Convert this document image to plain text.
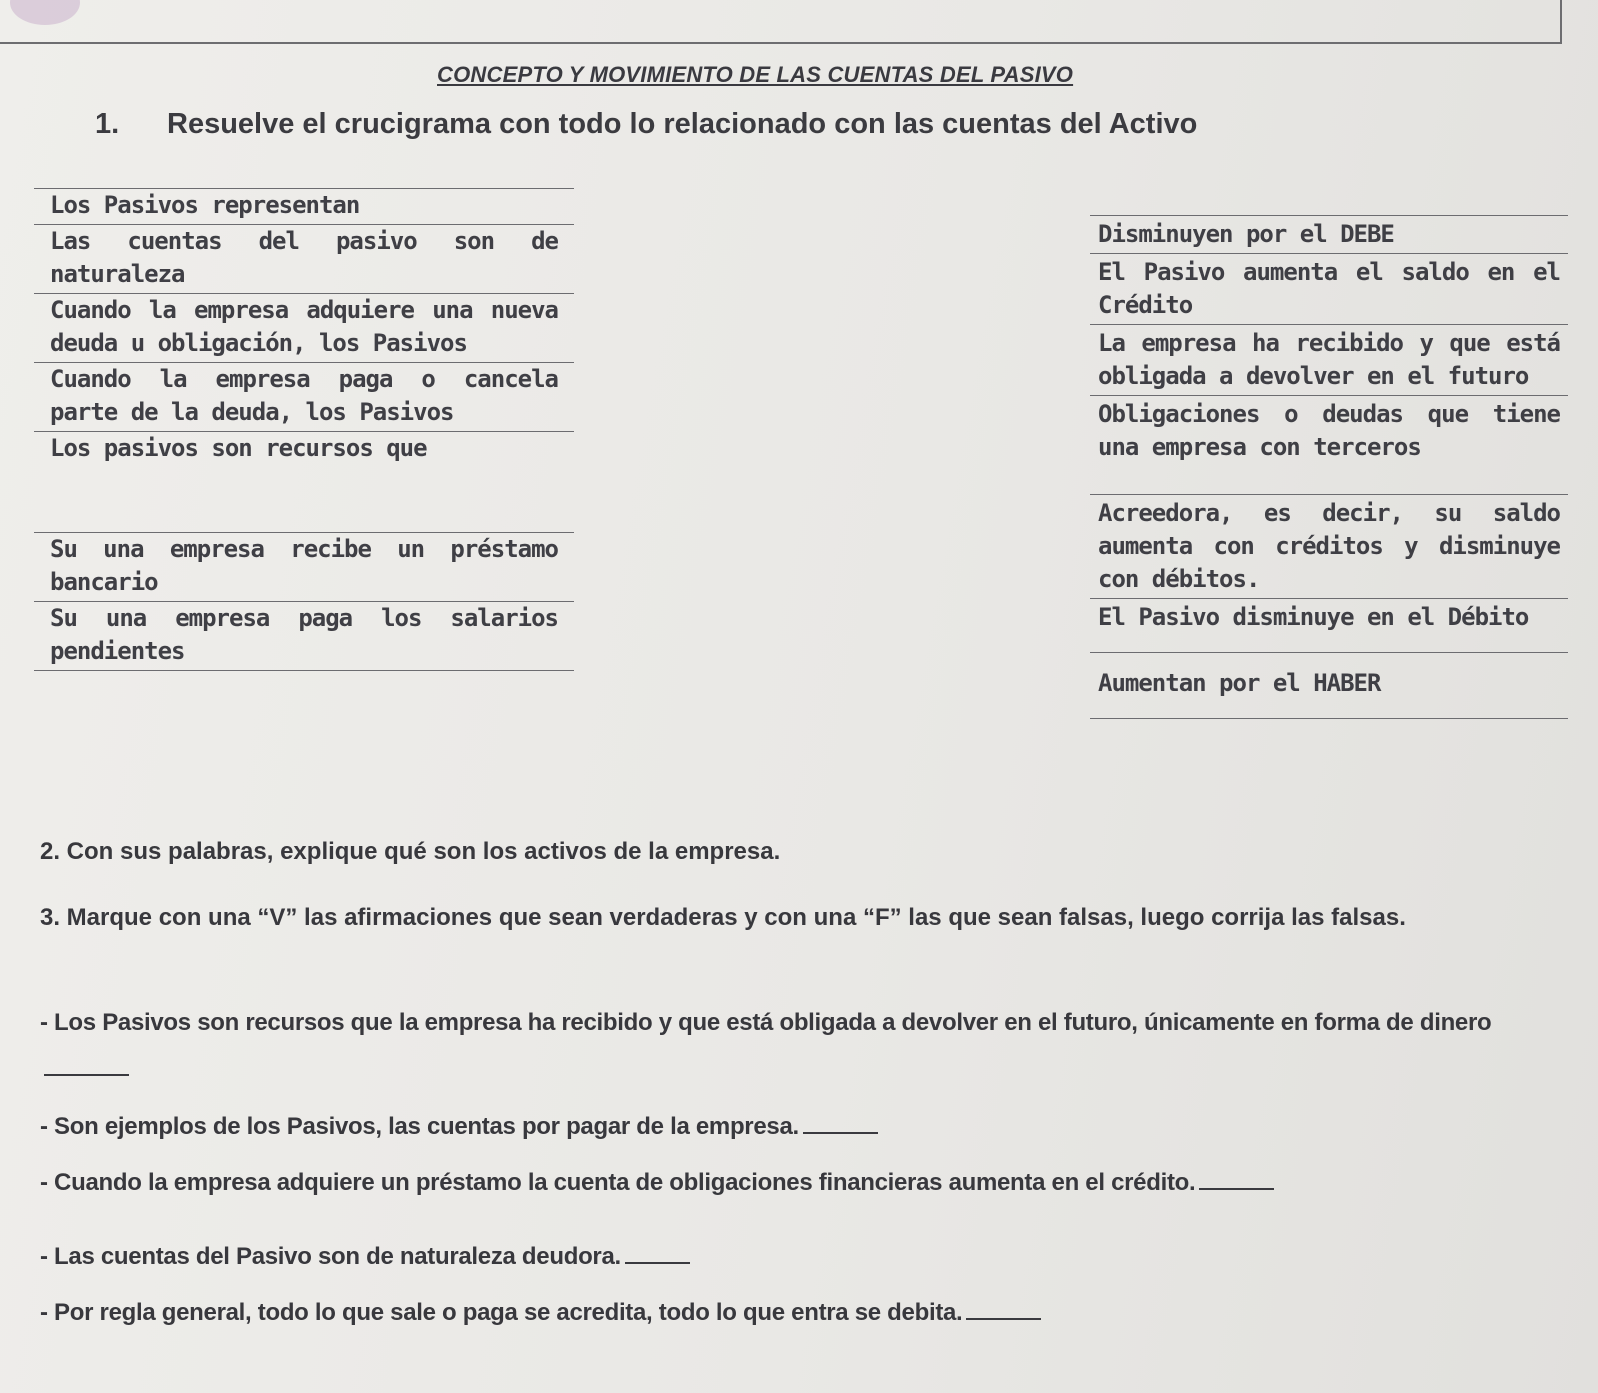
CONCEPTO Y MOVIMIENTO DE LAS CUENTAS DEL PASIVO
1. Resuelve el crucigrama con todo lo relacionado con las cuentas del Activo
Los Pasivos representan
Las cuentas del pasivo son de naturaleza
Cuando la empresa adquiere una nueva deuda u obligación, los Pasivos
Cuando la empresa paga o cancela parte de la deuda, los Pasivos
Los pasivos son recursos que
Su una empresa recibe un préstamo bancario
Su una empresa paga los salarios pendientes
Disminuyen por el DEBE
El Pasivo aumenta el saldo en el Crédito
La empresa ha recibido y que está obligada a devolver en el futuro
Obligaciones o deudas que tiene una empresa con terceros
Acreedora, es decir, su saldo aumenta con créditos y disminuye con débitos.
El Pasivo disminuye en el Débito
Aumentan por el HABER
2. Con sus palabras, explique qué son los activos de la empresa.
3. Marque con una “V” las afirmaciones que sean verdaderas y con una “F” las que sean falsas, luego corrija las falsas.
- Los Pasivos son recursos que la empresa ha recibido y que está obligada a devolver en el futuro, únicamente en forma de dinero
- Son ejemplos de los Pasivos, las cuentas por pagar de la empresa.
- Cuando la empresa adquiere un préstamo la cuenta de obligaciones financieras aumenta en el crédito.
- Las cuentas del Pasivo son de naturaleza deudora.
- Por regla general, todo lo que sale o paga se acredita, todo lo que entra se debita.
